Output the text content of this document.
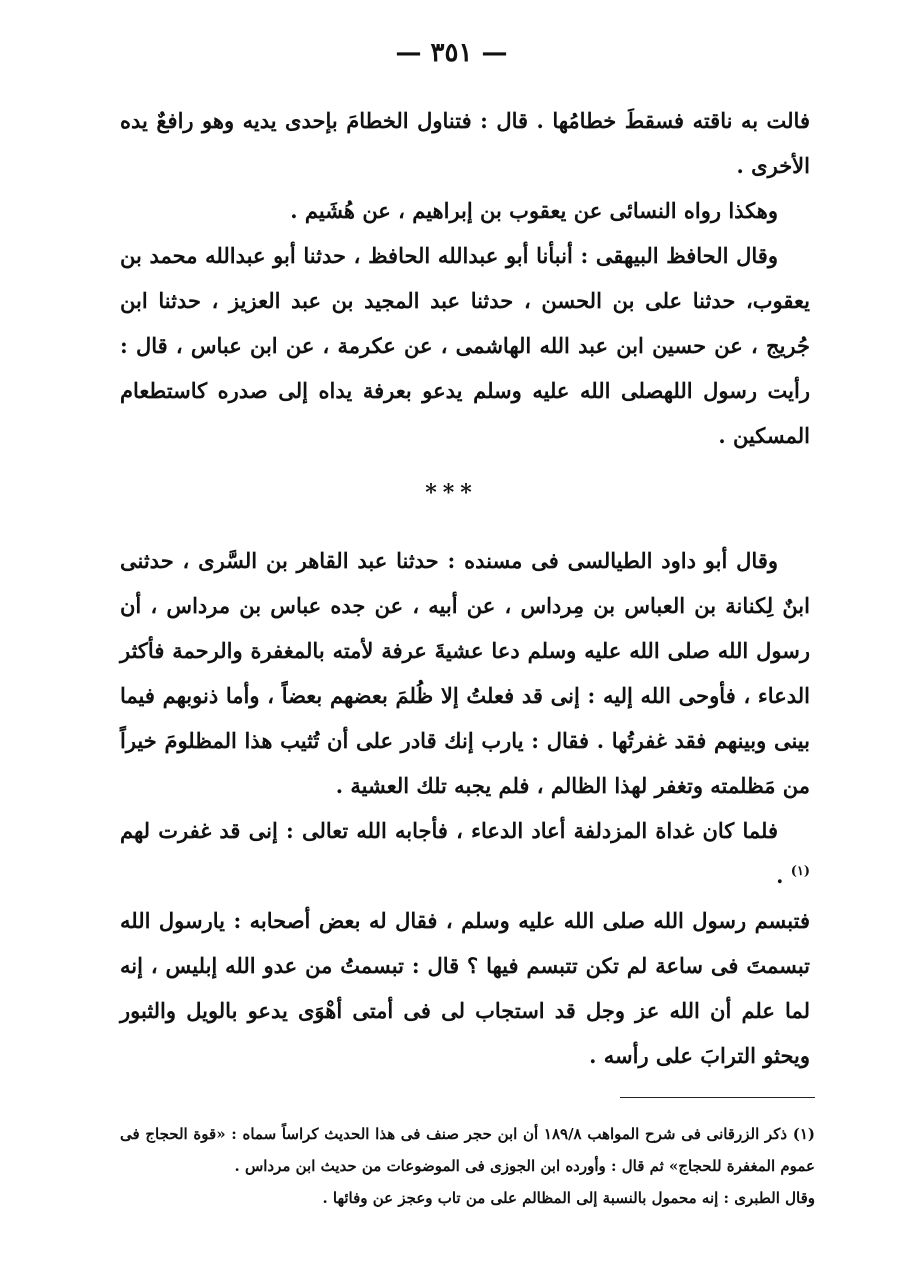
— ٣٥١ —

فالت به ناقته فسقطَ خطامُها . قال : فتناول الخطامَ بإحدى يديه وهو رافعٌ يده الأخرى .

وهكذا رواه النسائى عن يعقوب بن إبراهيم ، عن هُشَيم .

وقال الحافظ البيهقى : أنبأنا أبو عبدالله الحافظ ، حدثنا أبو عبدالله محمد بن يعقوب، حدثنا على بن الحسن ، حدثنا عبد المجيد بن عبد العزيز ، حدثنا ابن جُريج ، عن حسين ابن عبد الله الهاشمى ، عن عكرمة ، عن ابن عباس ، قال : رأيت رسول اللهصلى الله عليه وسلم يدعو بعرفة يداه إلى صدره كاستطعام المسكين .

***

وقال أبو داود الطيالسى فى مسنده : حدثنا عبد القاهر بن السَّرى ، حدثنى ابنٌ لِكنانة بن العباس بن مِرداس ، عن أبيه ، عن جده عباس بن مرداس ، أن رسول الله صلى الله عليه وسلم دعا عشيةَ عرفة لأمته بالمغفرة والرحمة فأكثر الدعاء ، فأوحى الله إليه : إنى قد فعلتُ إلا ظُلمَ بعضهم بعضاً ، وأما ذنوبهم فيما بينى وبينهم فقد غفرتُها . فقال : يارب إنك قادر على أن تُثيب هذا المظلومَ خيراً من مَظلمته وتغفر لهذا الظالم ، فلم يجبه تلك العشية .

فلما كان غداة المزدلفة أعاد الدعاء ، فأجابه الله تعالى : إنى قد غفرت لهم $^{(١)}$ .

فتبسم رسول الله صلى الله عليه وسلم ، فقال له بعض أصحابه : يارسول الله تبسمتَ فى ساعة لم تكن تتبسم فيها ؟ قال : تبسمتُ من عدو الله إبليس ، إنه لما علم أن الله عز وجل قد استجاب لى فى أمتى أهْوَى يدعو بالويل والثبور ويحثو الترابَ على رأسه .

(١) ذكر الزرقانى فى شرح المواهب ١٨٩/٨ أن ابن حجر صنف فى هذا الحديث كراساً سماه : «قوة الحجاج فى عموم المغفرة للحجاج» ثم قال : وأورده ابن الجوزى فى الموضوعات من حديث ابن مرداس .

وقال الطبرى : إنه محمول بالنسبة إلى المظالم على من تاب وعجز عن وفائها .
